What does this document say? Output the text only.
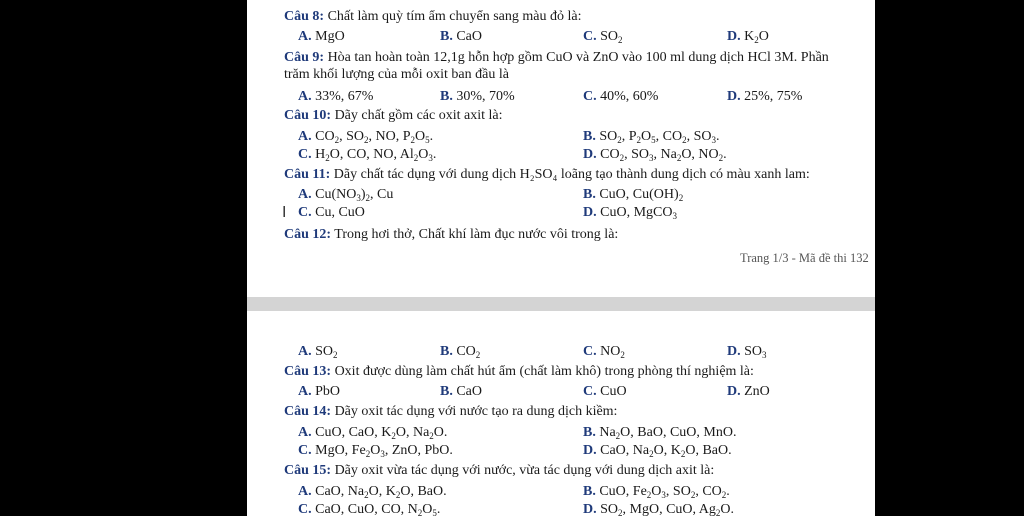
Câu 8: Chất làm quỳ tím ẩm chuyển sang màu đỏ là:
A. MgO	B. CaO	C. $SO_2$	D. $K_2O$
Câu 9: Hòa tan hoàn toàn 12,1g hỗn hợp gồm CuO và ZnO vào 100 ml dung dịch HCl 3M. Phần
trăm khối lượng của mỗi oxit ban đầu là
A. 33%, 67%	B. 30%, 70%	C. 40%, 60%	D. 25%, 75%
Câu 10: Dãy chất gồm các oxit axit là:
A. $CO_2$, $SO_2$, NO, $P_2O_5$.	B. $SO_2$, $P_2O_5$, $CO_2$, $SO_3$.
C. $H_2O$, CO, NO, $Al_2O_3$.	D. $CO_2$, $SO_3$, $Na_2O$, $NO_2$.
Câu 11: Dãy chất tác dụng với dung dịch H₂SO₄ loãng tạo thành dung dịch có màu xanh lam:
A. $Cu(NO_3)_2$, Cu	B. CuO, $Cu(OH)_2$
I C. Cu, CuO	D. CuO, MgCO$_3$
Câu 12: Trong hơi thở, Chất khí làm đục nước vôi trong là:
Trang 1/3 - Mã đề thi 132
A. $SO_2$	B. $CO_2$	C. $NO_2$	D. $SO_3$
Câu 13: Oxit được dùng làm chất hút ẩm (chất làm khô) trong phòng thí nghiệm là:
A. PbO	B. CaO	C. CuO	D. ZnO
Câu 14: Dãy oxit tác dụng với nước tạo ra dung dịch kiềm:
A. CuO, CaO, $K_2O$, $Na_2O$.	B. $Na_2O$, BaO, CuO, MnO.
C. MgO, $Fe_2O_3$, ZnO, PbO.	D. CaO, $Na_2O$, $K_2O$, BaO.
Câu 15: Dãy oxit vừa tác dụng với nước, vừa tác dụng với dung dịch axit là:
A. CaO, $Na_2O$, $K_2O$, BaO.	B. CuO, $Fe_2O_3$, $SO_2$, $CO_2$.
C. CaO, CuO, CO, $N_2O_5$.	D. $SO_2$, MgO, CuO, $Ag_2O$.
